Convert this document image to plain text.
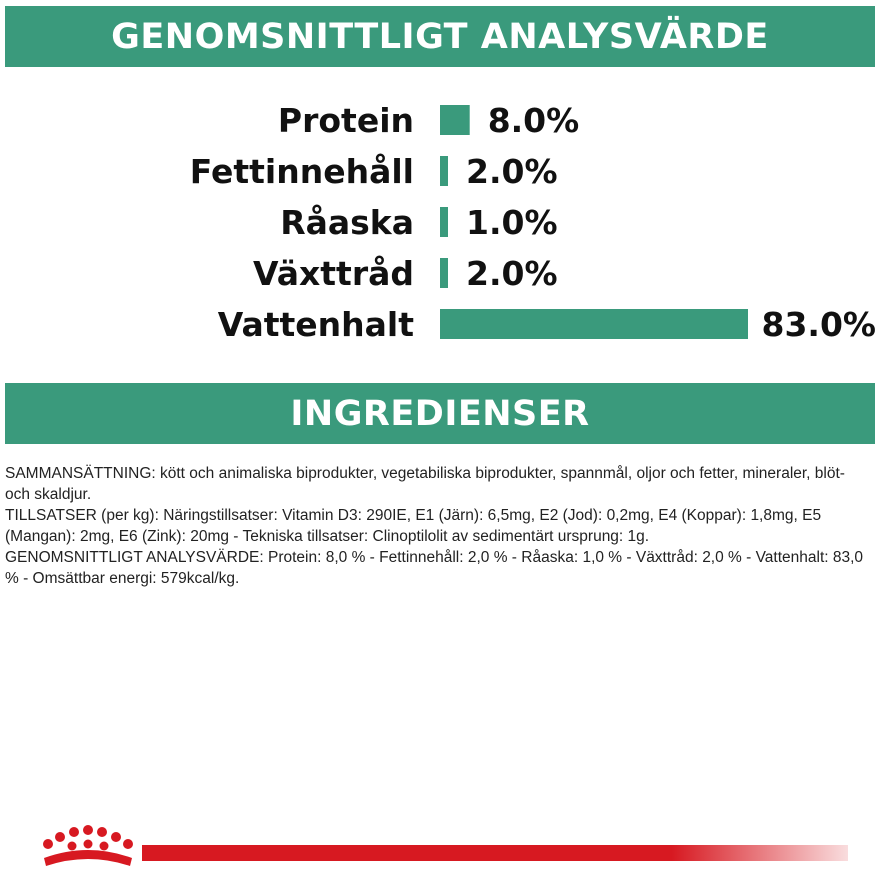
GENOMSNITTLIGT ANALYSVÄRDE
Protein 8.0%
Fettinnehåll 2.0%
Råaska 1.0%
Växttråd 2.0%
Vattenhalt	83.0%
INGREDIENSER

SAMMANSÄTTNING: kött och animaliska biprodukter, vegetabiliska biprodukter, spannmål, oljor och fetter, mineraler, blöt- och skaldjur.

TILLSATSER (per kg): Näringstillsatser: Vitamin D3: 290IE, E1 (Järn): 6,5mg, E2 (Jod): 0,2mg, E4 (Koppar): 1,8mg, E5 (Mangan): 2mg, E6 (Zink): 20mg - Tekniska tillsatser: Clinoptilolit av sedimentärt ursprung: 1g.

GENOMSNITTLIGT ANALYSVÄRDE: Protein: 8,0 % - Fettinnehåll: 2,0 % - Råaska: 1,0 % - Växttråd: 2,0 % - Vattenhalt: 83,0 % - Omsättbar energi: 579kcal/kg.
